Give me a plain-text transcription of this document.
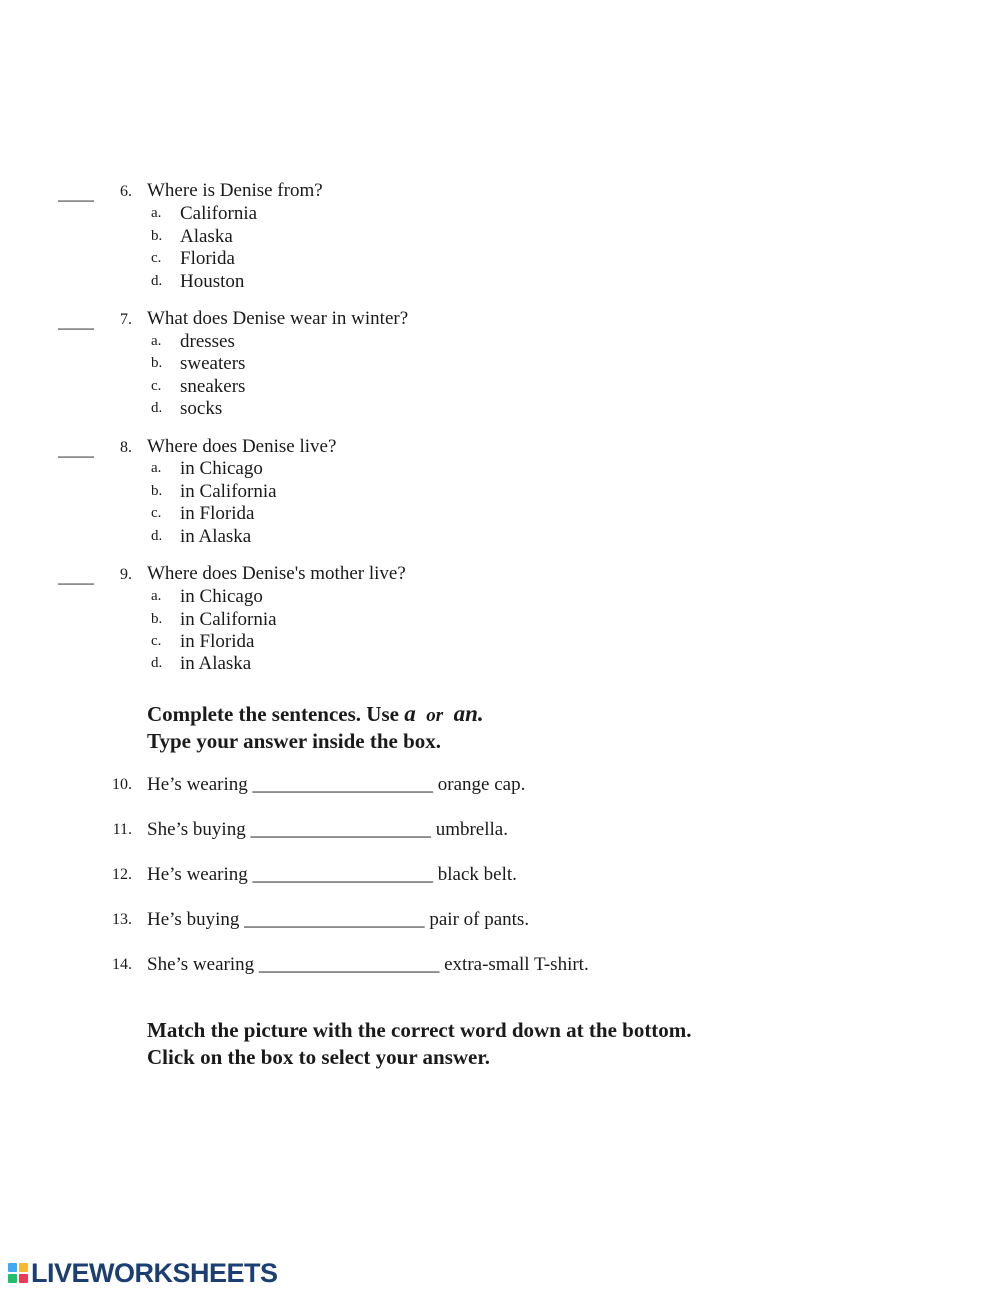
____	6. Where is Denise from?
a. California
b. Alaska
c. Florida
d. Houston
____	7. What does Denise wear in winter?
a. dresses
b. sweaters
c. sneakers
d. socks
____	8. Where does Denise live?
a. in Chicago
b. in California
c. in Florida
d. in Alaska
____	9. Where does Denise's mother live?
a. in Chicago
b. in California
c. in Florida
d. in Alaska
Complete the sentences. Use a or an.
Type your answer inside the box.
10. He’s wearing ___________________ orange cap.
11. She’s buying ___________________ umbrella.
12. He’s wearing ___________________ black belt.
13. He’s buying ___________________ pair of pants.
14. She’s wearing ___________________ extra-small T-shirt.
Match the picture with the correct word down at the bottom.
Click on the box to select your answer.
LIVEWORKSHEETS
